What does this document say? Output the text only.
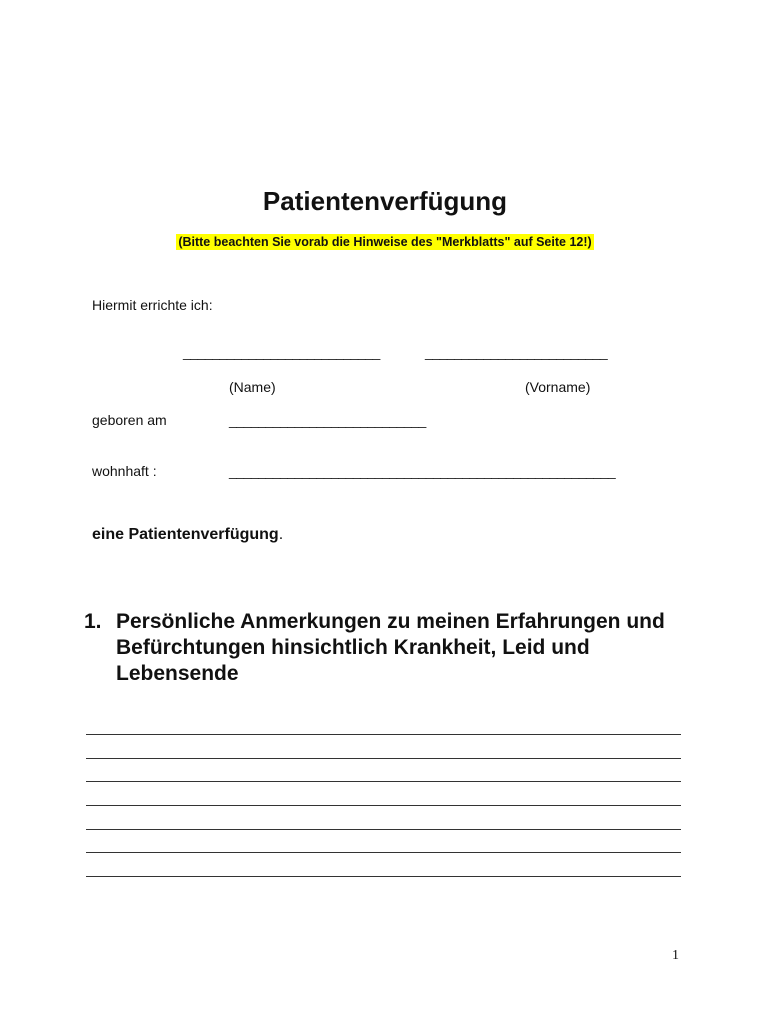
Patientenverfügung
(Bitte beachten Sie vorab die Hinweise des "Merkblatts" auf Seite 12!)
Hiermit errichte ich:
___________________________	_________________________
(Name)	(Vorname)
geboren am	___________________________
wohnhaft :	_____________________________________________________
eine Patientenverfügung.
1. Persönliche Anmerkungen zu meinen Erfahrungen und Befürchtungen hinsichtlich Krankheit, Leid und Lebensende
1
